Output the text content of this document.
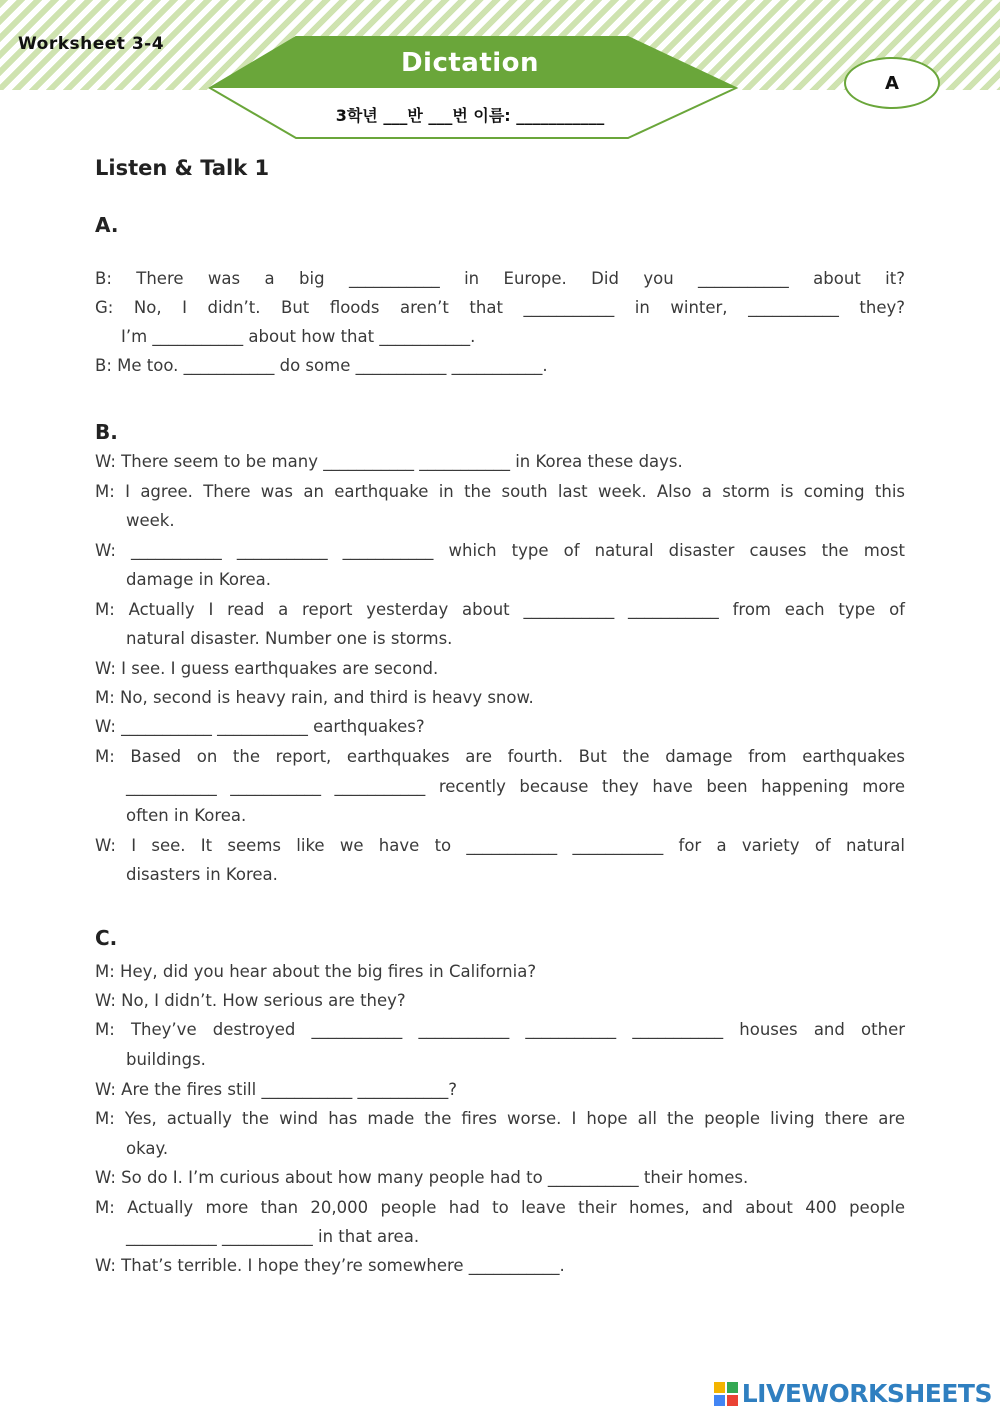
Worksheet 3-4
Dictation
3학년 ___반 ___번 이름: ___________
A
Listen & Talk 1
A.
B: There was a big ___________ in Europe. Did you ___________ about it?
G: No, I didn’t. But floods aren’t that ___________ in winter, ___________ they?
I’m ___________ about how that ___________.
B: Me too. ___________ do some ___________ ___________.
B.
W: There seem to be many ___________ ___________ in Korea these days.
M: I agree. There was an earthquake in the south last week. Also a storm is coming this
week.
W: ___________ ___________ ___________ which type of natural disaster causes the most
damage in Korea.
M: Actually I read a report yesterday about ___________ ___________ from each type of
natural disaster. Number one is storms.
W: I see. I guess earthquakes are second.
M: No, second is heavy rain, and third is heavy snow.
W: ___________ ___________ earthquakes?
M: Based on the report, earthquakes are fourth. But the damage from earthquakes
___________ ___________ ___________ recently because they have been happening more
often in Korea.
W: I see. It seems like we have to ___________ ___________ for a variety of natural
disasters in Korea.
C.
M: Hey, did you hear about the big fires in California?
W: No, I didn’t. How serious are they?
M: They’ve destroyed ___________ ___________ ___________ ___________ houses and other
buildings.
W: Are the fires still ___________ ___________?
M: Yes, actually the wind has made the fires worse. I hope all the people living there are
okay.
W: So do I. I’m curious about how many people had to ___________ their homes.
M: Actually more than 20,000 people had to leave their homes, and about 400 people
___________ ___________ in that area.
W: That’s terrible. I hope they’re somewhere ___________.
LIVEWORKSHEETS
